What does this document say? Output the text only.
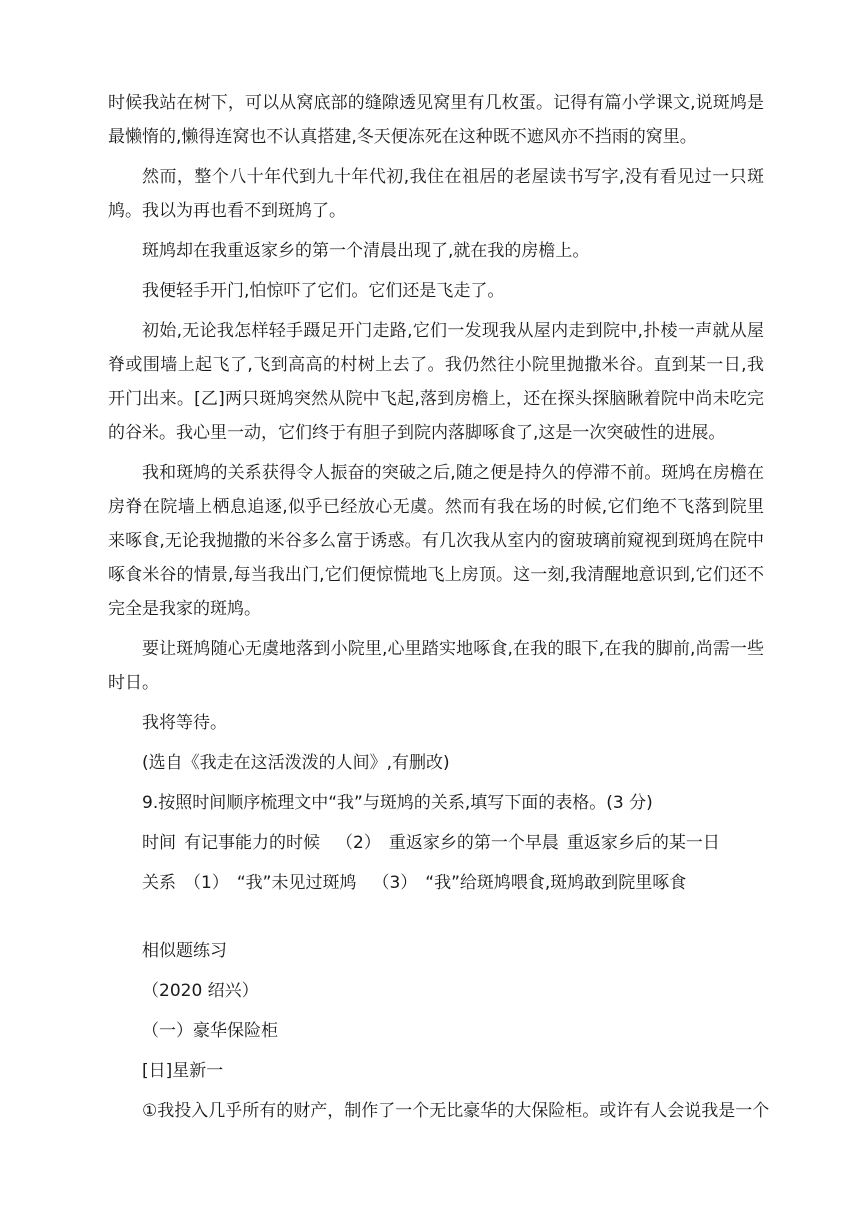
时候我站在树下，可以从窝底部的缝隙透见窝里有几枚蛋。记得有篇小学课文,说斑鸠是最懒惰的,懒得连窝也不认真搭建,冬天便冻死在这种既不遮风亦不挡雨的窝里。

然而，整个八十年代到九十年代初,我住在祖居的老屋读书写字,没有看见过一只斑鸠。我以为再也看不到斑鸠了。

斑鸠却在我重返家乡的第一个清晨出现了,就在我的房檐上。

我便轻手开门,怕惊吓了它们。它们还是飞走了。

初始,无论我怎样轻手蹑足开门走路,它们一发现我从屋内走到院中,扑棱一声就从屋脊或围墙上起飞了,飞到高高的村树上去了。我仍然往小院里抛撒米谷。直到某一日,我开门出来。[乙]两只斑鸠突然从院中飞起,落到房檐上，还在探头探脑瞅着院中尚未吃完的谷米。我心里一动，它们终于有胆子到院内落脚啄食了,这是一次突破性的进展。

我和斑鸠的关系获得令人振奋的突破之后,随之便是持久的停滞不前。斑鸠在房檐在房脊在院墙上栖息追逐,似乎已经放心无虞。然而有我在场的时候,它们绝不飞落到院里来啄食,无论我抛撒的米谷多么富于诱惑。有几次我从室内的窗玻璃前窥视到斑鸠在院中啄食米谷的情景,每当我出门,它们便惊慌地飞上房顶。这一刻,我清醒地意识到,它们还不完全是我家的斑鸠。

要让斑鸠随心无虞地落到小院里,心里踏实地啄食,在我的眼下,在我的脚前,尚需一些时日。

我将等待。

(选自《我走在这活泼泼的人间》,有删改)

9.按照时间顺序梳理文中“我”与斑鸠的关系,填写下面的表格。(3 分)

时间 有记事能力的时候 （2） 重返家乡的第一个早晨 重返家乡后的某一日

关系 （1） “我”未见过斑鸠 （3） “我”给斑鸠喂食,斑鸠敢到院里啄食

相似题练习

（2020 绍兴）

（一）豪华保险柜

[日]星新一

①我投入几乎所有的财产，制作了一个无比豪华的大保险柜。或许有人会说我是一个
